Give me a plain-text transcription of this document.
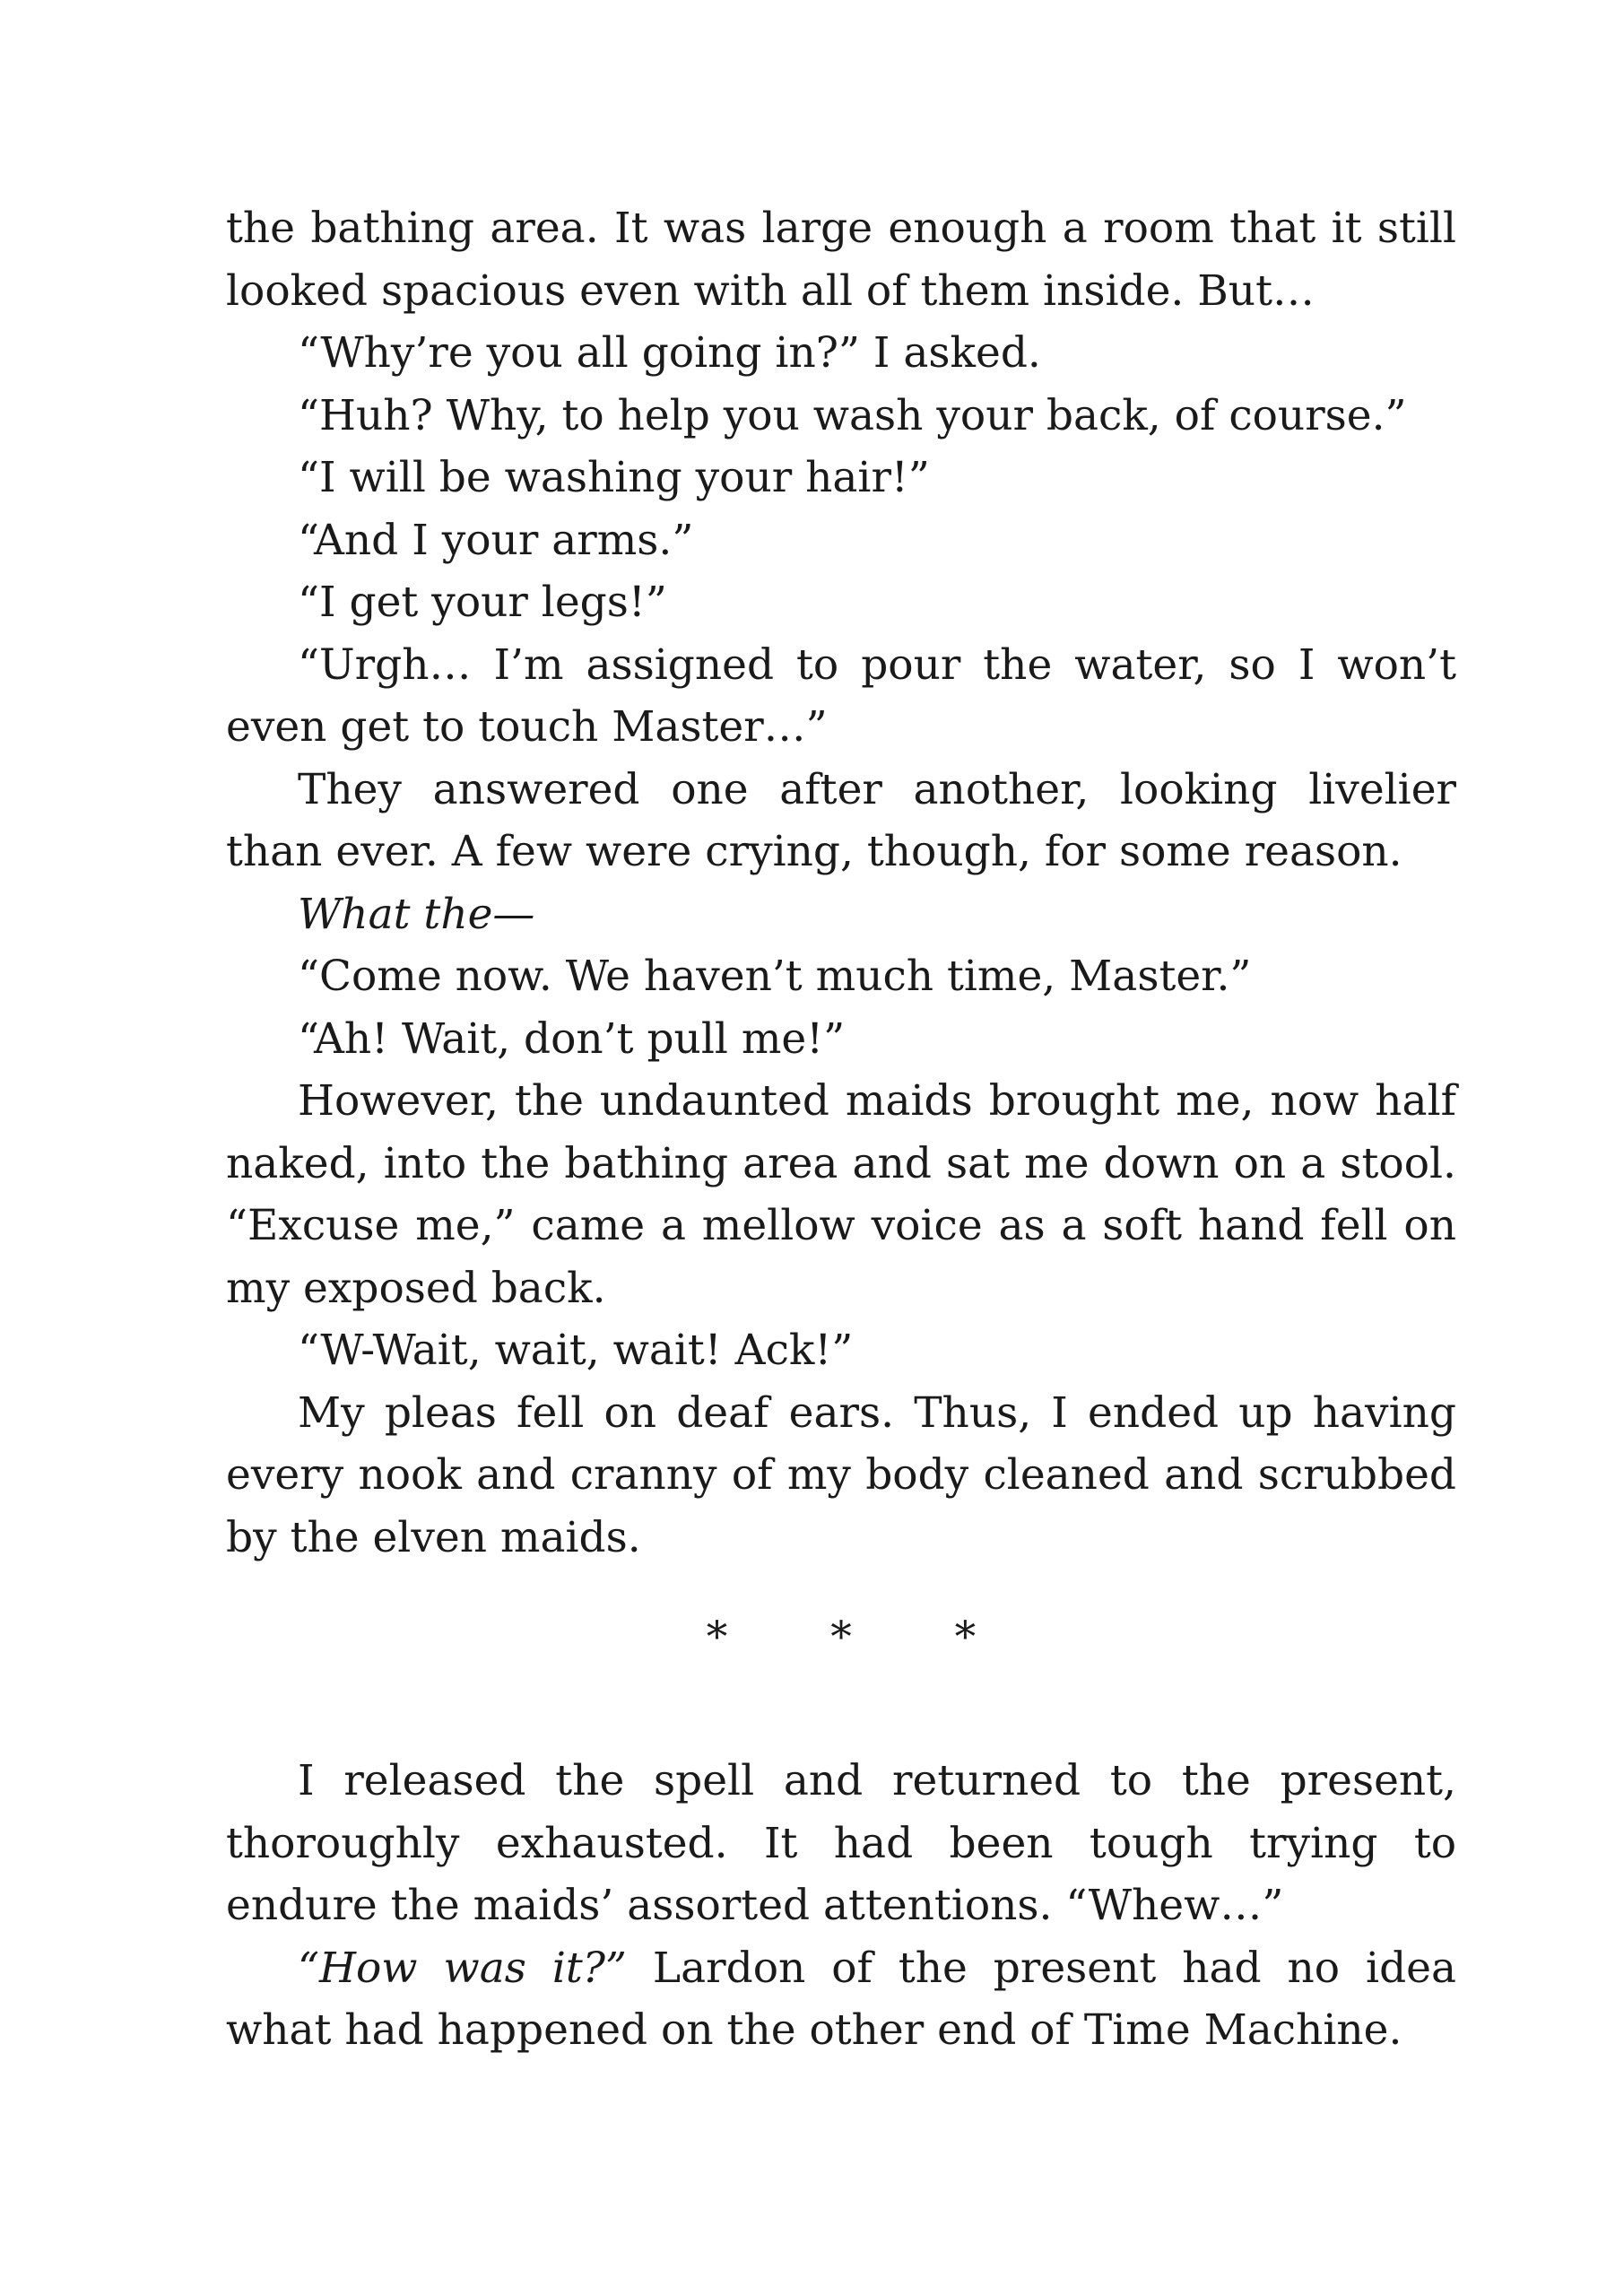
the bathing area. It was large enough a room that it still looked spacious even with all of them inside. But…

“Why’re you all going in?” I asked.

“Huh? Why, to help you wash your back, of course.”

“I will be washing your hair!”

“And I your arms.”

“I get your legs!”

“Urgh… I’m assigned to pour the water, so I won’t even get to touch Master…”

They answered one after another, looking livelier than ever. A few were crying, though, for some reason.

What the—

“Come now. We haven’t much time, Master.”

“Ah! Wait, don’t pull me!”

However, the undaunted maids brought me, now half naked, into the bathing area and sat me down on a stool. “Excuse me,” came a mellow voice as a soft hand fell on my exposed back.

“W-Wait, wait, wait! Ack!”

My pleas fell on deaf ears. Thus, I ended up having every nook and cranny of my body cleaned and scrubbed by the elven maids.

* * *

I released the spell and returned to the present, thoroughly exhausted. It had been tough trying to endure the maids’ assorted attentions. “Whew…”

“How was it?” Lardon of the present had no idea what had happened on the other end of Time Machine.
